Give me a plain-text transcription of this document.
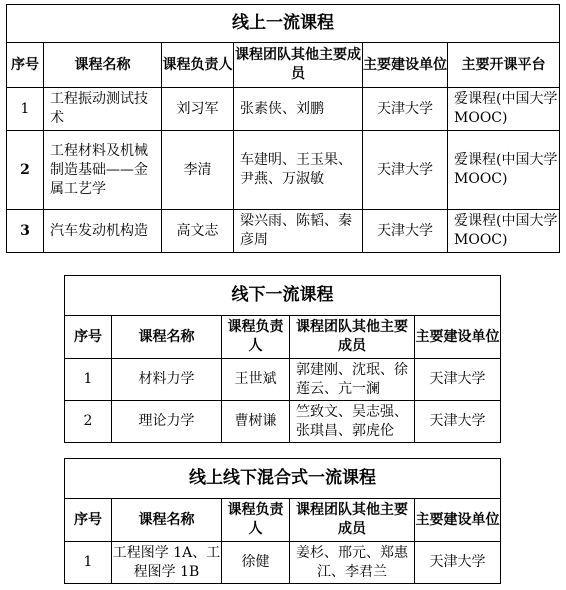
线上一流课程					
序号	课程名称	课程负责人	课程团队其他主要成员	主要建设单位	主要开课平台
1	工程振动测试技术	刘习军	张素侠、刘鹏	天津大学	爱课程(中国大学 MOOC)
2	工程材料及机械制造基础——金属工艺学	李清	车建明、王玉果、尹燕、万淑敏	天津大学	爱课程(中国大学 MOOC)
3	汽车发动机构造	高文志	梁兴雨、陈韬、秦彦周	天津大学	爱课程(中国大学 MOOC)
线下一流课程				
序号	课程名称	课程负责人	课程团队其他主要成员	主要建设单位
1	材料力学	王世斌	郭建刚、沈珉、徐莲云、亢一澜	天津大学
2	理论力学	曹树谦	竺致文、吴志强、张琪昌、郭虎伦	天津大学
线上线下混合式一流课程				
序号	课程名称	课程负责人	课程团队其他主要成员	主要建设单位
1	工程图学 1A、工程图学 1B	徐健	姜杉、邢元、郑惠江、李君兰	天津大学
